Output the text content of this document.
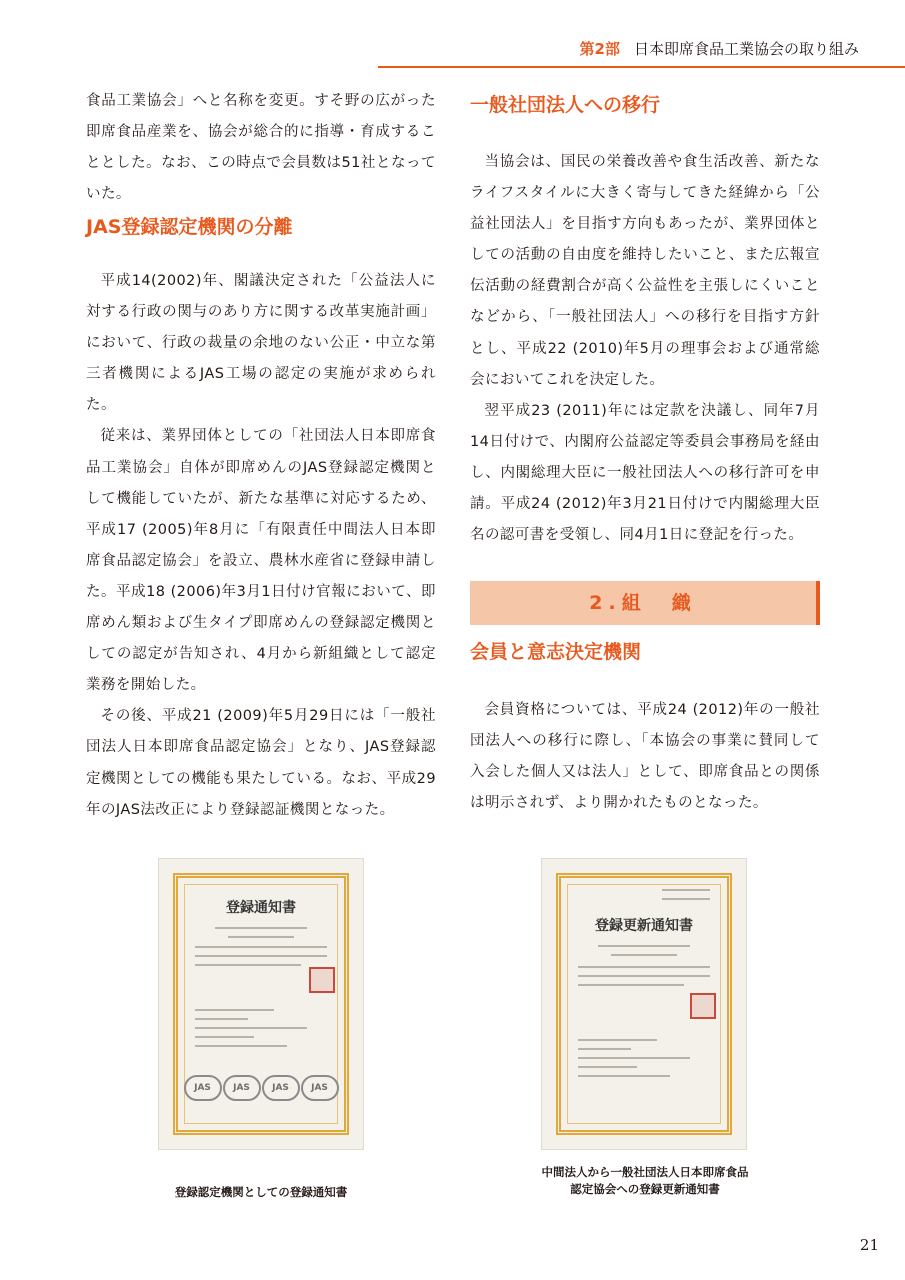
第2部 日本即席食品工業協会の取り組み

食品工業協会」へと名称を変更。すそ野の広がった即席食品産業を、協会が総合的に指導・育成することとした。なお、この時点で会員数は51社となっていた。

JAS登録認定機関の分離

平成14(2002)年、閣議決定された「公益法人に対する行政の関与のあり方に関する改革実施計画」において、行政の裁量の余地のない公正・中立な第三者機関によるJAS工場の認定の実施が求められた。

従来は、業界団体としての「社団法人日本即席食品工業協会」自体が即席めんのJAS登録認定機関として機能していたが、新たな基準に対応するため、平成17 (2005)年8月に「有限責任中間法人日本即席食品認定協会」を設立、農林水産省に登録申請した。平成18 (2006)年3月1日付け官報において、即席めん類および生タイプ即席めんの登録認定機関としての認定が告知され、4月から新組織として認定業務を開始した。

その後、平成21 (2009)年5月29日には「一般社団法人日本即席食品認定協会」となり、JAS登録認定機関としての機能も果たしている。なお、平成29年のJAS法改正により登録認証機関となった。

一般社団法人への移行

当協会は、国民の栄養改善や食生活改善、新たなライフスタイルに大きく寄与してきた経緯から「公益社団法人」を目指す方向もあったが、業界団体としての活動の自由度を維持したいこと、また広報宣伝活動の経費割合が高く公益性を主張しにくいことなどから、「一般社団法人」への移行を目指す方針とし、平成22 (2010)年5月の理事会および通常総会においてこれを決定した。

翌平成23 (2011)年には定款を決議し、同年7月14日付けで、内閣府公益認定等委員会事務局を経由し、内閣総理大臣に一般社団法人への移行許可を申請。平成24 (2012)年3月21日付けで内閣総理大臣名の認可書を受領し、同4月1日に登記を行った。

2.組　織
会員と意志決定機関

会員資格については、平成24 (2012)年の一般社団法人への移行に際し、「本協会の事業に賛同して入会した個人又は法人」として、即席食品との関係は明示されず、より開かれたものとなった。

登録通知書
JAS	JAS	JAS	JAS
登録更新通知書
登録認定機関としての登録通知書
中間法人から一般社団法人日本即席食品
認定協会への登録更新通知書
21
